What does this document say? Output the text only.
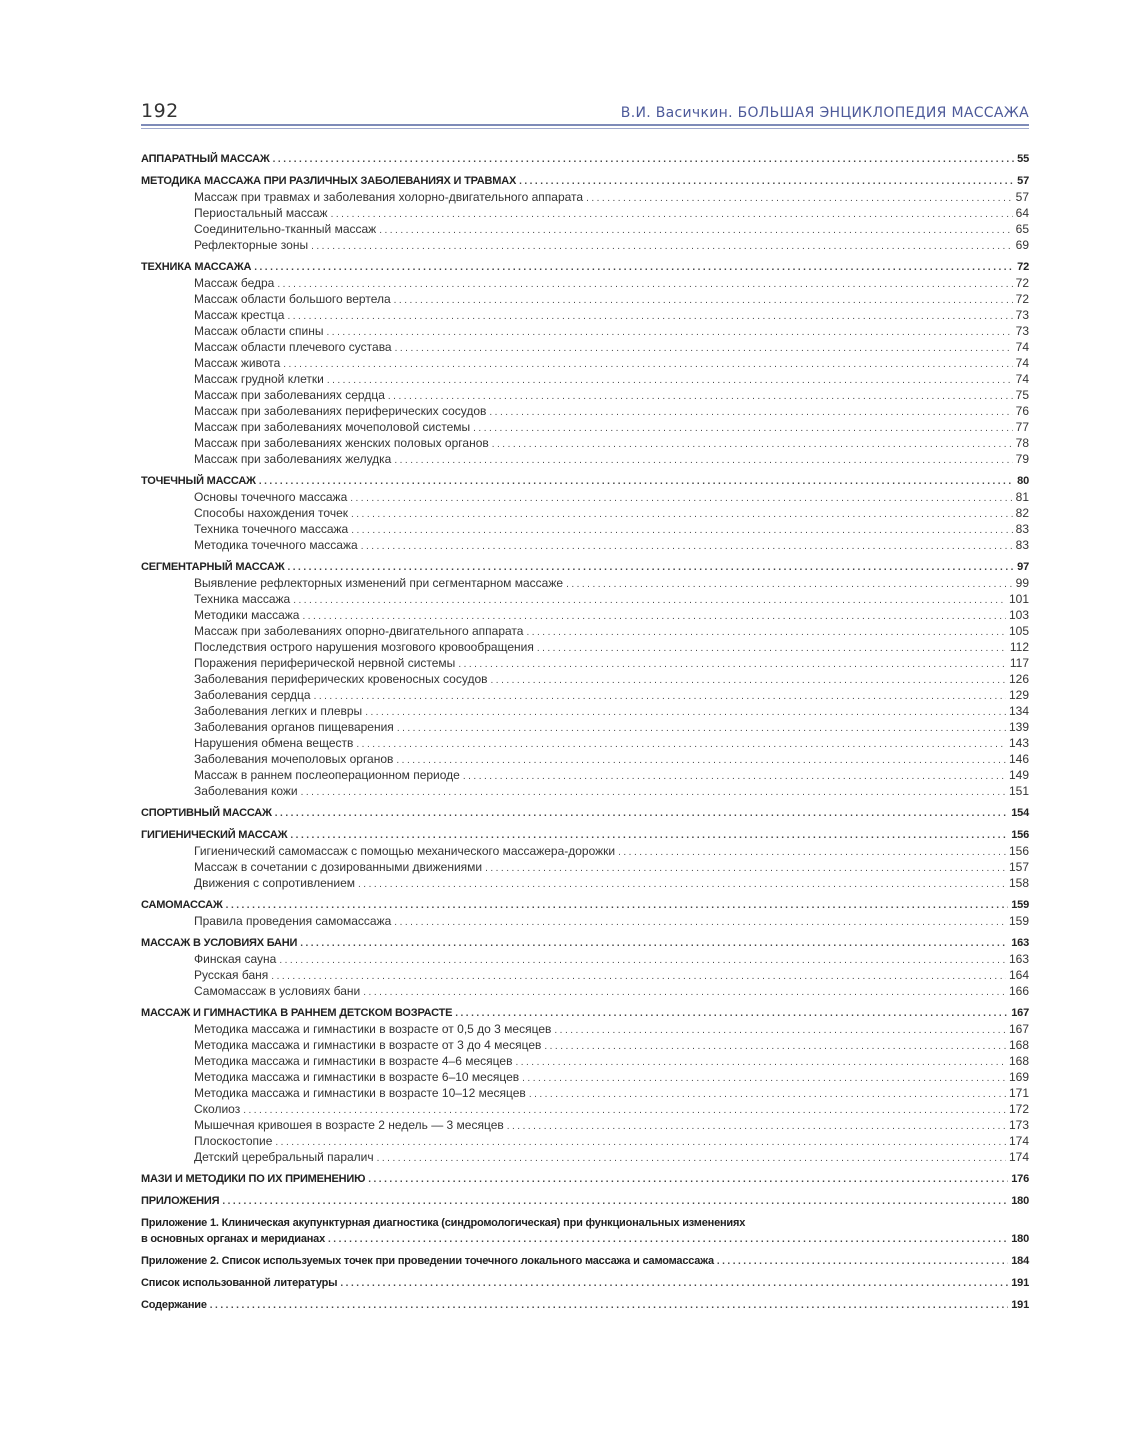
192	В.И. Васичкин. БОЛЬШАЯ ЭНЦИКЛОПЕДИЯ МАССАЖА
АППАРАТНЫЙ МАССАЖ .....	55
МЕТОДИКА МАССАЖА ПРИ РАЗЛИЧНЫХ ЗАБОЛЕВАНИЯХ И ТРАВМАХ .....	57
Массаж при травмах и заболевания холорно-двигательного аппарата .....	57
Периостальный массаж .....	64
Соединительно-тканный массаж .....	65
Рефлекторные зоны .....	69
ТЕХНИКА МАССАЖА .....	72
Массаж бедра .....	72
Массаж области большого вертела .....	72
Массаж крестца .....	73
Массаж области спины .....	73
Массаж области плечевого сустава .....	74
Массаж живота .....	74
Массаж грудной клетки .....	74
Массаж при заболеваниях сердца .....	75
Массаж при заболеваниях периферических сосудов .....	76
Массаж при заболеваниях мочеполовой системы .....	77
Массаж при заболеваниях женских половых органов .....	78
Массаж при заболеваниях желудка .....	79
ТОЧЕЧНЫЙ МАССАЖ .....	80
Основы точечного массажа .....	81
Способы нахождения точек .....	82
Техника точечного массажа .....	83
Методика точечного массажа .....	83
СЕГМЕНТАРНЫЙ МАССАЖ .....	97
Выявление рефлекторных изменений при сегментарном массаже .....	99
Техника массажа .....	101
Методики массажа .....	103
Массаж при заболеваниях опорно-двигательного аппарата .....	105
Последствия острого нарушения мозгового кровообращения .....	112
Поражения периферической нервной системы .....	117
Заболевания периферических кровеносных сосудов .....	126
Заболевания сердца .....	129
Заболевания легких и плевры .....	134
Заболевания органов пищеварения .....	139
Нарушения обмена веществ .....	143
Заболевания мочеполовых органов .....	146
Массаж в раннем послеоперационном периоде .....	149
Заболевания кожи .....	151
СПОРТИВНЫЙ МАССАЖ .....	154
ГИГИЕНИЧЕСКИЙ МАССАЖ .....	156
Гигиенический самомассаж с помощью механического массажера-дорожки .....	156
Массаж в сочетании с дозированными движениями .....	157
Движения с сопротивлением .....	158
САМОМАССАЖ .....	159
Правила проведения самомассажа .....	159
МАССАЖ В УСЛОВИЯХ БАНИ .....	163
Финская сауна .....	163
Русская баня .....	164
Самомассаж в условиях бани .....	166
МАССАЖ И ГИМНАСТИКА В РАННЕМ ДЕТСКОМ ВОЗРАСТЕ .....	167
Методика массажа и гимнастики в возрасте от 0,5 до 3 месяцев .....	167
Методика массажа и гимнастики в возрасте от 3 до 4 месяцев .....	168
Методика массажа и гимнастики в возрасте 4–6 месяцев .....	168
Методика массажа и гимнастики в возрасте 6–10 месяцев .....	169
Методика массажа и гимнастики в возрасте 10–12 месяцев .....	171
Сколиоз .....	172
Мышечная кривошея в возрасте 2 недель — 3 месяцев .....	173
Плоскостопие .....	174
Детский церебральный паралич .....	174
МАЗИ И МЕТОДИКИ ПО ИХ ПРИМЕНЕНИЮ .....	176
ПРИЛОЖЕНИЯ .....	180
Приложение 1. Клиническая акупунктурная диагностика (синдромологическая) при функциональных изменениях
в основных органах и меридианах .....	180
Приложение 2. Список используемых точек при проведении точечного локального массажа и самомассажа .....	184
Список использованной литературы .....	191
Содержание .....	191
